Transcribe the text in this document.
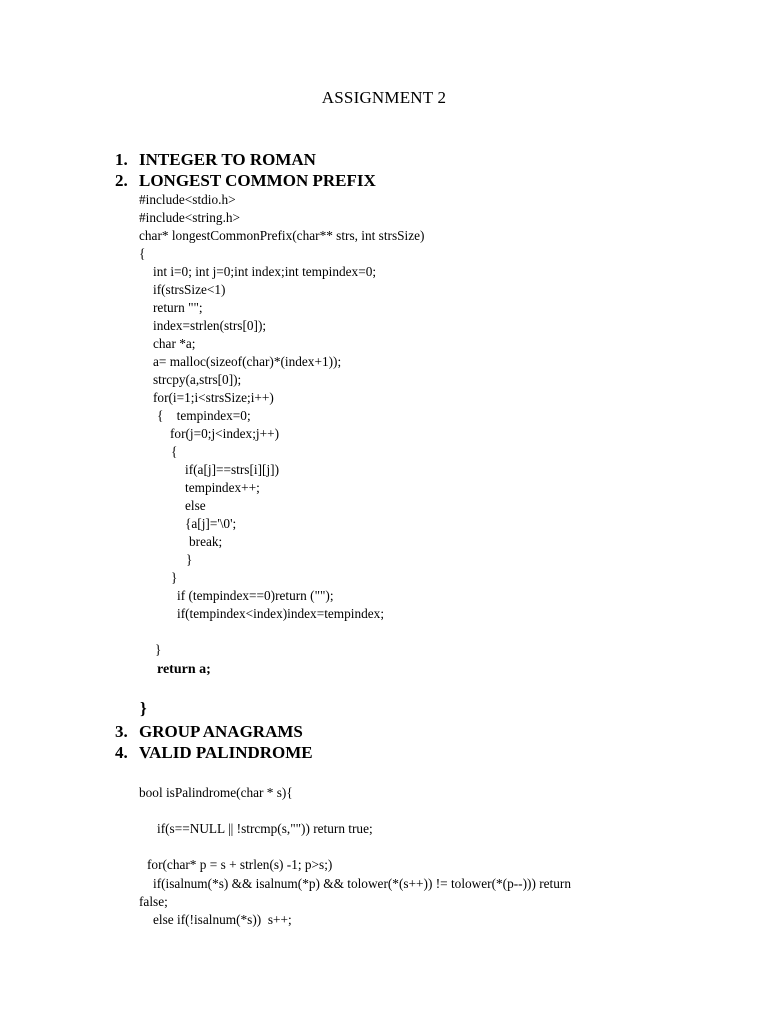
ASSIGNMENT 2

1.

INTEGER TO ROMAN

2.

LONGEST COMMON PREFIX

#include<stdio.h>
#include<string.h>
char* longestCommonPrefix(char** strs, int strsSize)
{
int i=0; int j=0;int index;int tempindex=0;
if(strsSize<1)
return "";
index=strlen(strs[0]);
char *a;
a= malloc(sizeof(char)*(index+1));
strcpy(a,strs[0]);
for(i=1;i<strsSize;i++)
{    tempindex=0;
for(j=0;j<index;j++)
{
if(a[j]==strs[i][j])
tempindex++;
else
{a[j]='\0';
break;
}
}
if (tempindex==0)return ("");
if(tempindex<index)index=tempindex;
}
return a;
}

3.

GROUP ANAGRAMS

4.

VALID PALINDROME

bool isPalindrome(char * s){
if(s==NULL || !strcmp(s,"")) return true;
for(char* p = s + strlen(s) -1; p>s;)
if(isalnum(*s) && isalnum(*p) && tolower(*(s++)) != tolower(*(p--))) return
false;
else if(!isalnum(*s))  s++;
